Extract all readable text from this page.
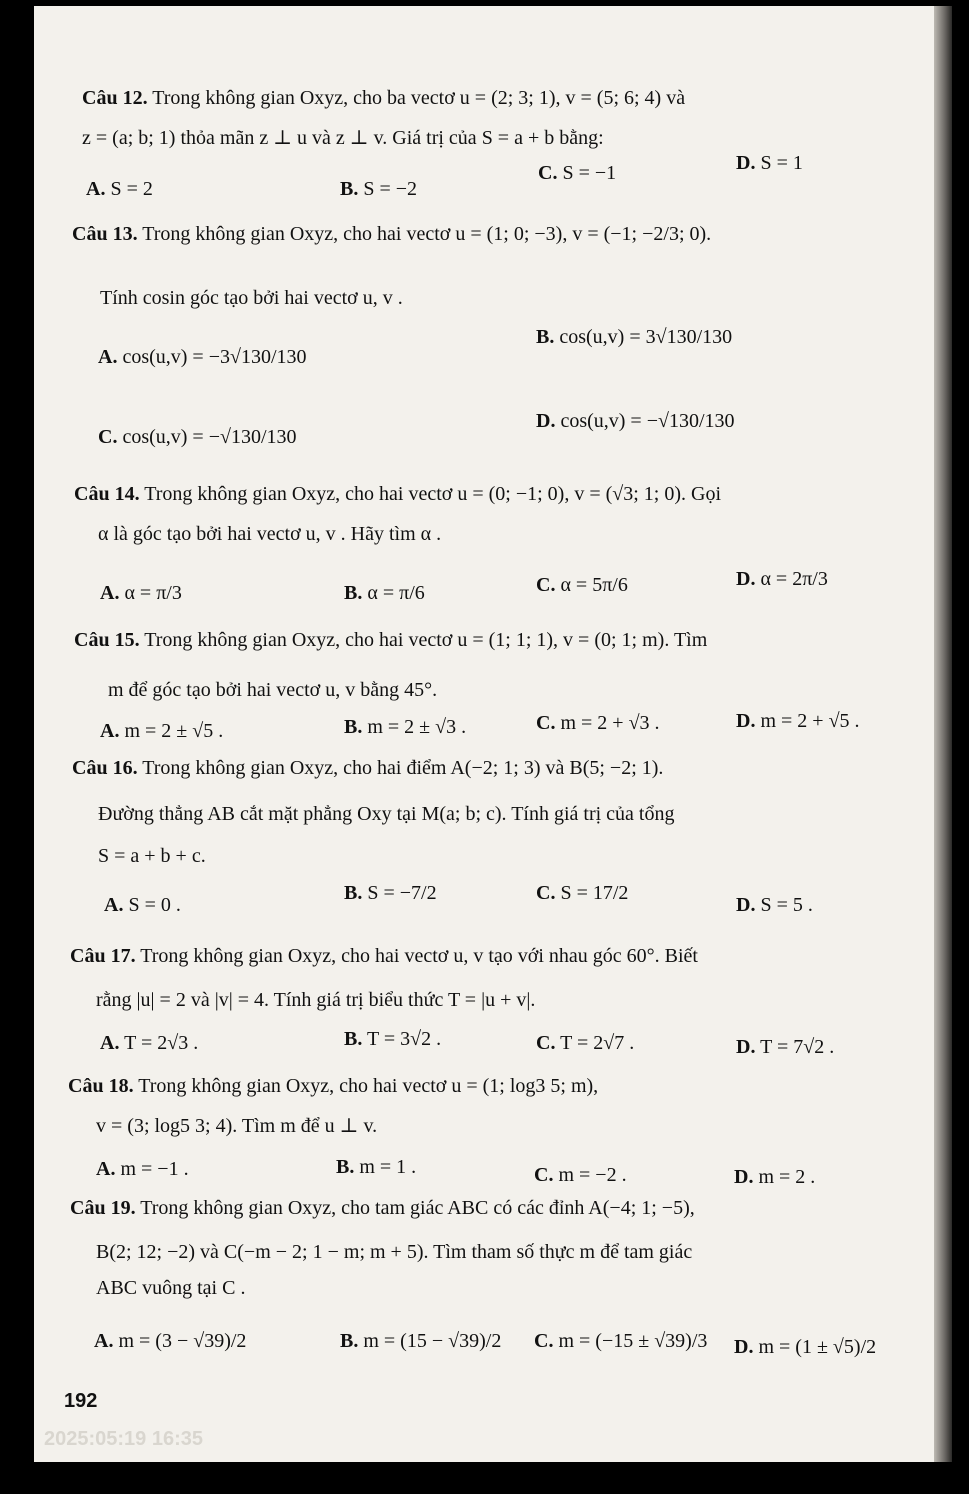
Câu 12. Trong không gian Oxyz, cho ba vectơ u = (2; 3; 1), v = (5; 6; 4) và
z = (a; b; 1) thỏa mãn z ⊥ u và z ⊥ v. Giá trị của S = a + b bằng:
A. S = 2	B. S = −2
C. S = −1	D. S = 1
Câu 13. Trong không gian Oxyz, cho hai vectơ u = (1; 0; −3), v = (−1; −2/3; 0).
Tính cosin góc tạo bởi hai vectơ u, v .
A. cos(u,v) = −3√130/130
B. cos(u,v) = 3√130/130
C. cos(u,v) = −√130/130
D. cos(u,v) = −√130/130
Câu 14. Trong không gian Oxyz, cho hai vectơ u = (0; −1; 0), v = (√3; 1; 0). Gọi
α là góc tạo bởi hai vectơ u, v . Hãy tìm α .
A. α = π/3	B. α = π/6	C. α = 5π/6	D. α = 2π/3
Câu 15. Trong không gian Oxyz, cho hai vectơ u = (1; 1; 1), v = (0; 1; m). Tìm
m để góc tạo bởi hai vectơ u, v bằng 45°.
A. m = 2 ± √5 .	B. m = 2 ± √3 .	C. m = 2 + √3 .	D. m = 2 + √5 .
Câu 16. Trong không gian Oxyz, cho hai điểm A(−2; 1; 3) và B(5; −2; 1).
Đường thẳng AB cắt mặt phẳng Oxy tại M(a; b; c). Tính giá trị của tổng
S = a + b + c.
A. S = 0 .
B. S = −7/2	C. S = 17/2
D. S = 5 .
Câu 17. Trong không gian Oxyz, cho hai vectơ u, v tạo với nhau góc 60°. Biết
rằng |u| = 2 và |v| = 4. Tính giá trị biểu thức T = |u + v|.
A. T = 2√3 .	B. T = 3√2 .	C. T = 2√7 .	D. T = 7√2 .
Câu 18. Trong không gian Oxyz, cho hai vectơ u = (1; log3 5; m),
v = (3; log5 3; 4). Tìm m để u ⊥ v.
A. m = −1 .	B. m = 1 .	C. m = −2 .	D. m = 2 .
Câu 19. Trong không gian Oxyz, cho tam giác ABC có các đỉnh A(−4; 1; −5),
B(2; 12; −2) và C(−m − 2; 1 − m; m + 5). Tìm tham số thực m để tam giác
ABC vuông tại C .
A. m = (3 − √39)/2	B. m = (15 − √39)/2 C. m = (−15 ± √39)/3 D. m = (1 ± √5)/2
192
2025:05:19 16:35
